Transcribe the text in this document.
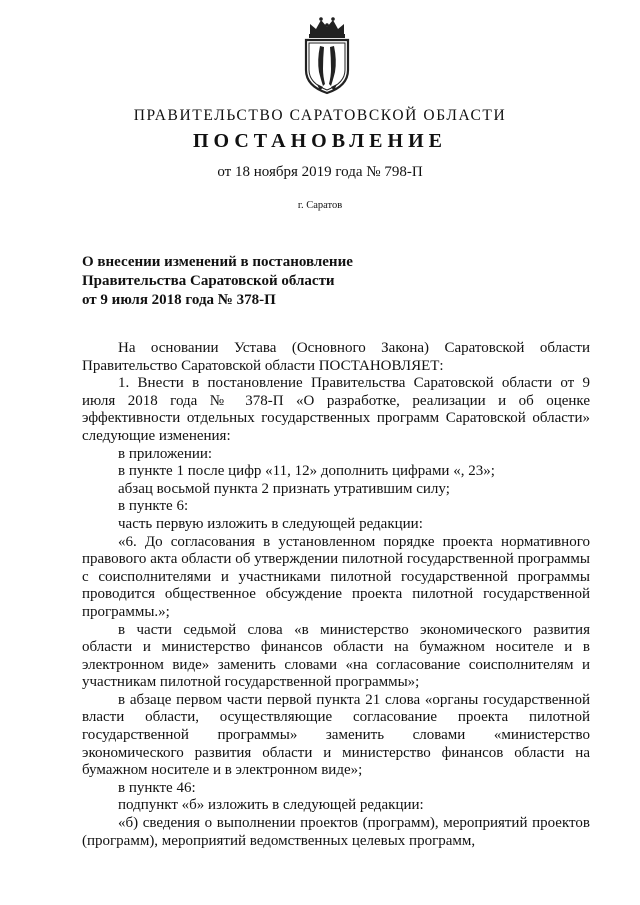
ПРАВИТЕЛЬСТВО САРАТОВСКОЙ ОБЛАСТИ
ПОСТАНОВЛЕНИЕ
от 18 ноября 2019 года № 798-П
г. Саратов
О внесении изменений в постановление
Правительства Саратовской области
от 9 июля 2018 года № 378-П

На основании Устава (Основного Закона) Саратовской области Правительство Саратовской области ПОСТАНОВЛЯЕТ:

1. Внести в постановление Правительства Саратовской области от 9 июля 2018 года № 378-П «О разработке, реализации и об оценке эффективности отдельных государственных программ Саратовской области» следующие изменения:

в приложении:

в пункте 1 после цифр «11, 12» дополнить цифрами «, 23»;

абзац восьмой пункта 2 признать утратившим силу;

в пункте 6:

часть первую изложить в следующей редакции:

«6. До согласования в установленном порядке проекта нормативного правового акта области об утверждении пилотной государственной программы с соисполнителями и участниками пилотной государственной программы проводится общественное обсуждение проекта пилотной государственной программы.»;

в части седьмой слова «в министерство экономического развития области и министерство финансов области на бумажном носителе и в электронном виде» заменить словами «на согласование соисполнителям и участникам пилотной государственной программы»;

в абзаце первом части первой пункта 21 слова «органы государственной власти области, осуществляющие согласование проекта пилотной государственной программы» заменить словами «министерство экономического развития области и министерство финансов области на бумажном носителе и в электронном виде»;

в пункте 46:

подпункт «б» изложить в следующей редакции:

«б) сведения о выполнении проектов (программ), мероприятий проектов (программ), мероприятий ведомственных целевых программ,
